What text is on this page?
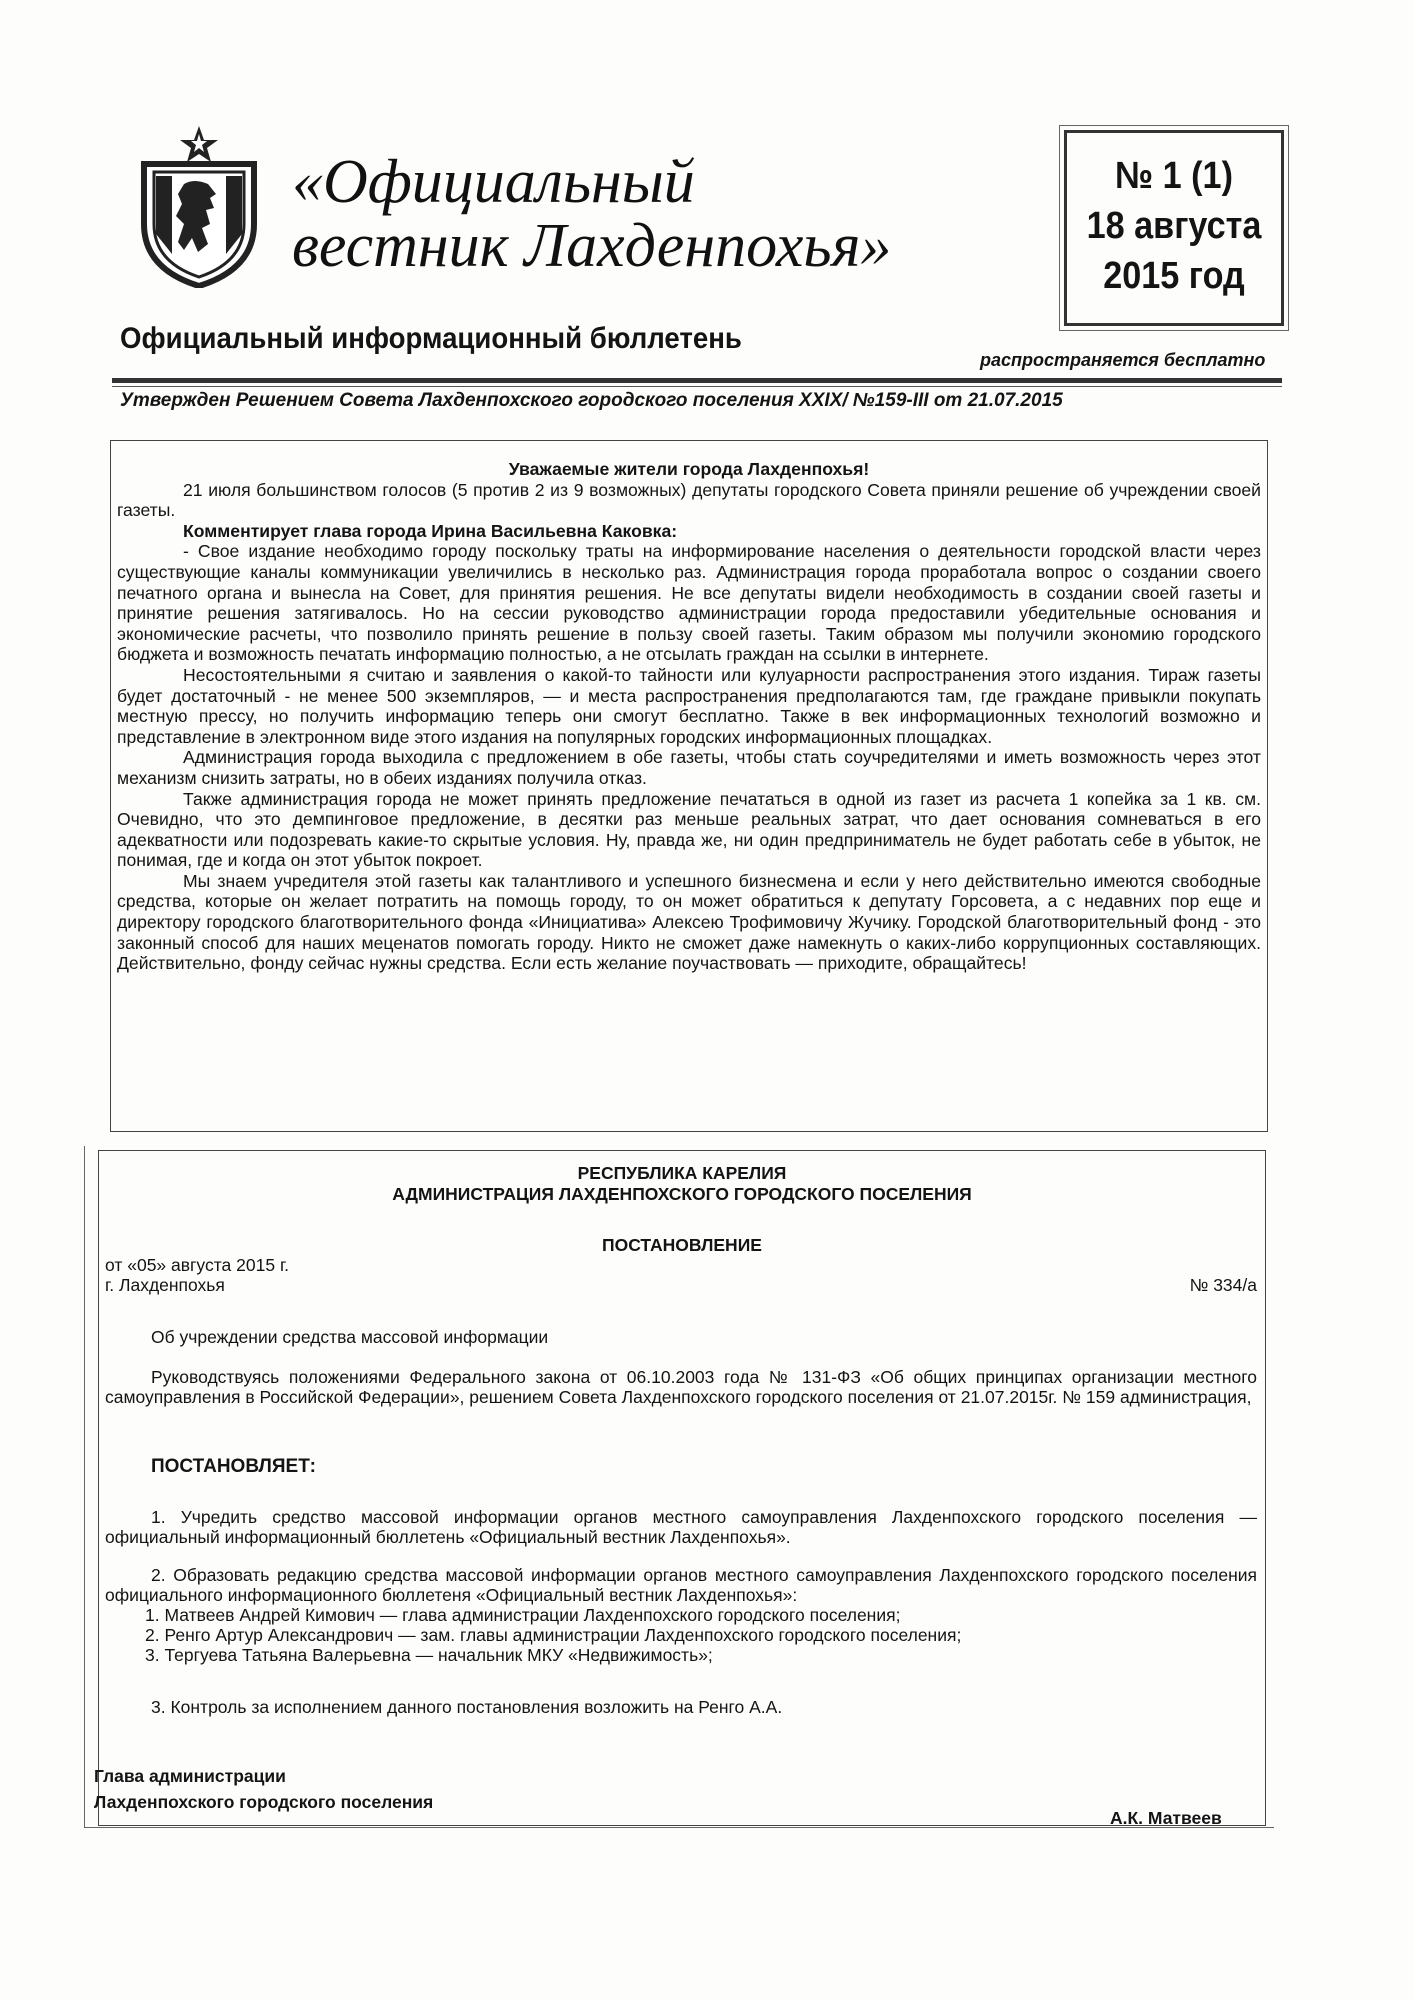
«Официальный
вестник Лахденпохья»
№ 1 (1)
18 августа
2015 год
Официальный информационный бюллетень
распространяется бесплатно
Утвержден Решением Совета Лахденпохского городского поселения XXIX/ №159-III от 21.07.2015
Уважаемые жители города Лахденпохья!

21 июля большинством голосов (5 против 2 из 9 возможных) депутаты городского Совета приняли решение об учреждении своей газеты.

Комментирует глава города Ирина Васильевна Каковка:

- Свое издание необходимо городу поскольку траты на информирование населения о деятельности городской власти через существующие каналы коммуникации увеличились в несколько раз. Администрация города проработала вопрос о создании своего печатного органа и вынесла на Совет, для принятия решения. Не все депутаты видели необходимость в создании своей газеты и принятие решения затягивалось. Но на сессии руководство администрации города предоставили убедительные основания и экономические расчеты, что позволило принять решение в пользу своей газеты. Таким образом мы получили экономию городского бюджета и возможность печатать информацию полностью, а не отсылать граждан на ссылки в интернете.

Несостоятельными я считаю и заявления о какой-то тайности или кулуарности распространения этого издания. Тираж газеты будет достаточный - не менее 500 экземпляров, — и места распространения предполагаются там, где граждане привыкли покупать местную прессу, но получить информацию теперь они смогут бесплатно. Также в век информационных технологий возможно и представление в электронном виде этого издания на популярных городских информационных площадках.

Администрация города выходила с предложением в обе газеты, чтобы стать соучредителями и иметь возможность через этот механизм снизить затраты, но в обеих изданиях получила отказ.

Также администрация города не может принять предложение печататься в одной из газет из расчета 1 копейка за 1 кв. см. Очевидно, что это демпинговое предложение, в десятки раз меньше реальных затрат, что дает основания сомневаться в его адекватности или подозревать какие-то скрытые условия. Ну, правда же, ни один предприниматель не будет работать себе в убыток, не понимая, где и когда он этот убыток покроет.

Мы знаем учредителя этой газеты как талантливого и успешного бизнесмена и если у него действительно имеются свободные средства, которые он желает потратить на помощь городу, то он может обратиться к депутату Горсовета, а с недавних пор еще и директору городского благотворительного фонда «Инициатива» Алексею Трофимовичу Жучику. Городской благотворительный фонд - это законный способ для наших меценатов помогать городу. Никто не сможет даже намекнуть о каких-либо коррупционных составляющих. Действительно, фонду сейчас нужны средства. Если есть желание поучаствовать — приходите, обращайтесь!

РЕСПУБЛИКА КАРЕЛИЯ
АДМИНИСТРАЦИЯ ЛАХДЕНПОХСКОГО ГОРОДСКОГО ПОСЕЛЕНИЯ
ПОСТАНОВЛЕНИЕ
от «05» августа 2015 г.
г. Лахденпохья	№ 334/а
Об учреждении средства массовой информации

Руководствуясь положениями Федерального закона от 06.10.2003 года № 131-ФЗ «Об общих принципах организации местного самоуправления в Российской Федерации», решением Совета Лахденпохского городского поселения от 21.07.2015г. № 159 администрация,

ПОСТАНОВЛЯЕТ:

1. Учредить средство массовой информации органов местного самоуправления Лахденпохского городского поселения — официальный информационный бюллетень «Официальный вестник Лахденпохья».

2. Образовать редакцию средства массовой информации органов местного самоуправления Лахденпохского городского поселения официального информационного бюллетеня «Официальный вестник Лахденпохья»:

1. Матвеев Андрей Кимович — глава администрации Лахденпохского городского поселения;
2. Ренго Артур Александрович — зам. главы администрации Лахденпохского городского поселения;
3. Тергуева Татьяна Валерьевна — начальник МКУ «Недвижимость»;
3. Контроль за исполнением данного постановления возложить на Ренго А.А.
Глава администрации
Лахденпохского городского поселения
А.К. Матвеев
